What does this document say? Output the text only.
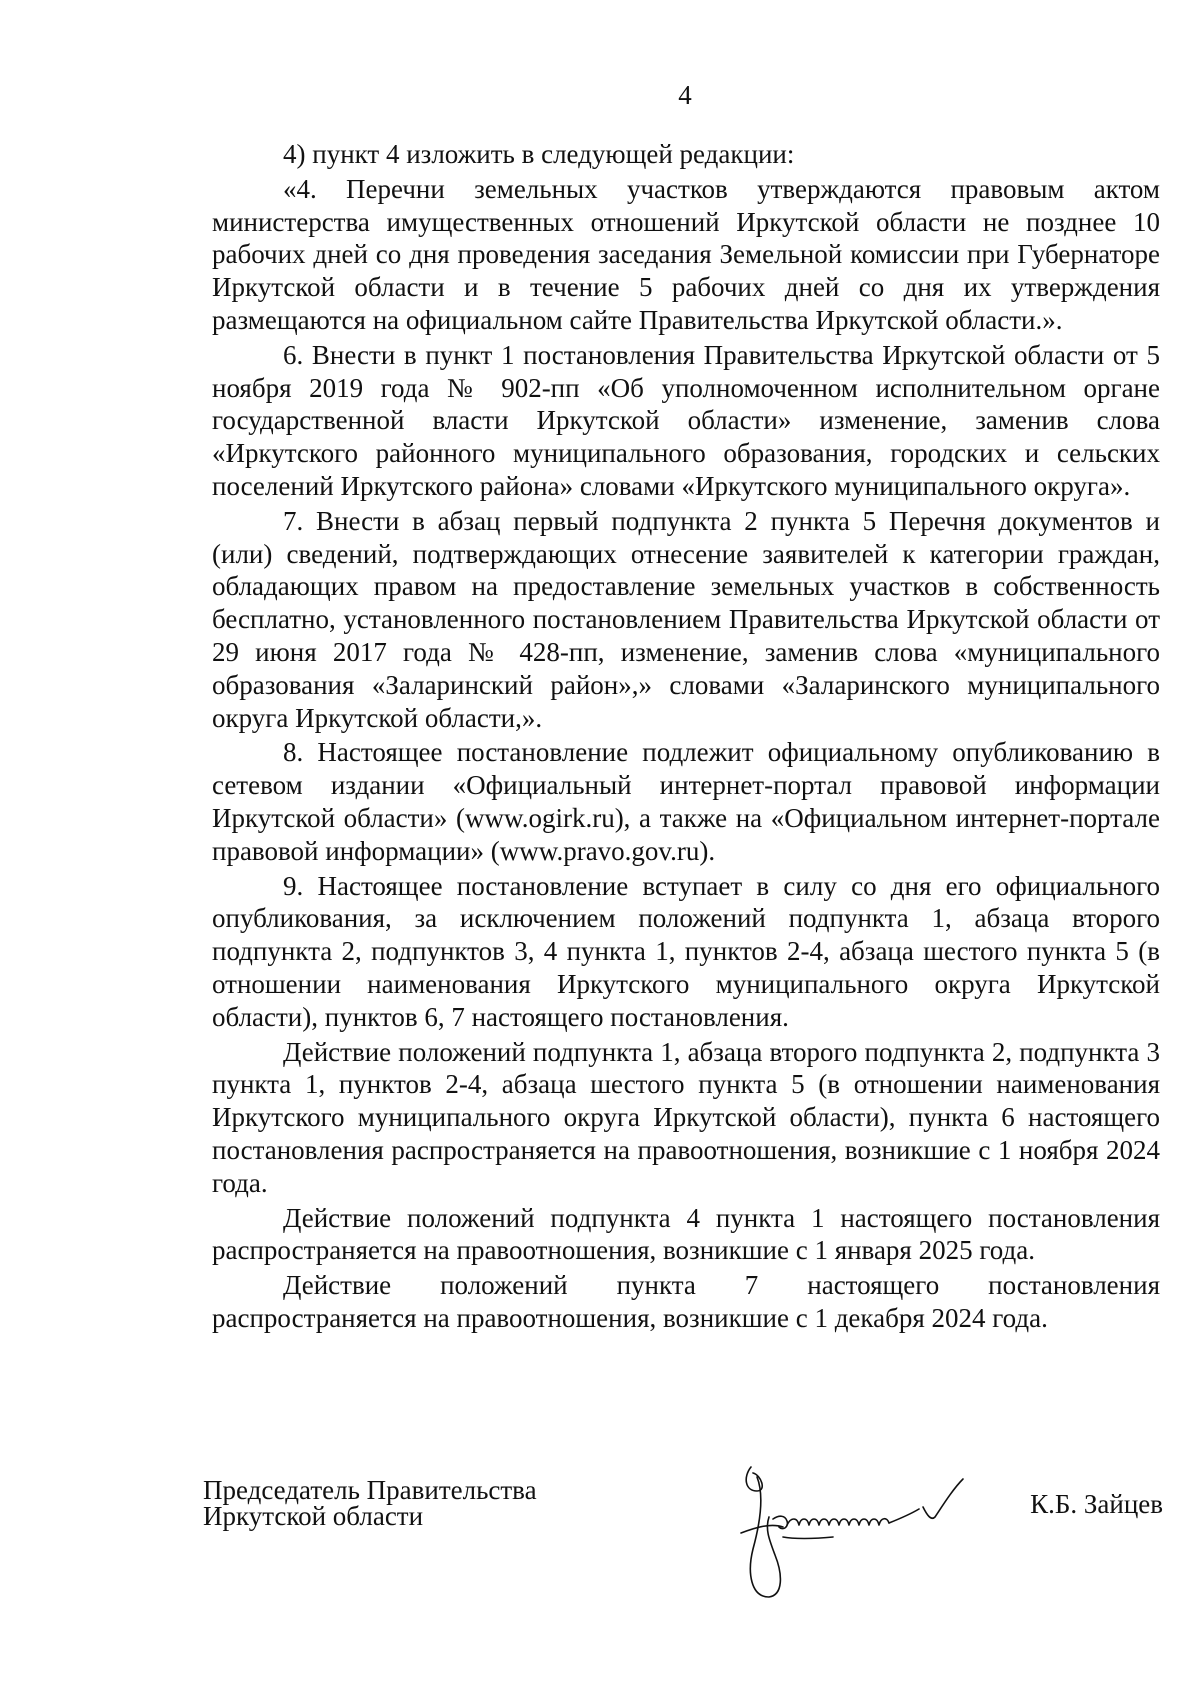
4

4) пункт 4 изложить в следующей редакции:

«4. Перечни земельных участков утверждаются правовым актом министерства имущественных отношений Иркутской области не позднее 10 рабочих дней со дня проведения заседания Земельной комиссии при Губернаторе Иркутской области и в течение 5 рабочих дней со дня их утверждения размещаются на официальном сайте Правительства Иркутской области.».

6. Внести в пункт 1 постановления Правительства Иркутской области от 5 ноября 2019 года № 902-пп «Об уполномоченном исполнительном органе государственной власти Иркутской области» изменение, заменив слова «Иркутского районного муниципального образования, городских и сельских поселений Иркутского района» словами «Иркутского муниципального округа».

7. Внести в абзац первый подпункта 2 пункта 5 Перечня документов и (или) сведений, подтверждающих отнесение заявителей к категории граждан, обладающих правом на предоставление земельных участков в собственность бесплатно, установленного постановлением Правительства Иркутской области от 29 июня 2017 года № 428-пп, изменение, заменив слова «муниципального образования «Заларинский район»,» словами «Заларинского муниципального округа Иркутской области,».

8. Настоящее постановление подлежит официальному опубликованию в сетевом издании «Официальный интернет-портал правовой информации Иркутской области» (www.ogirk.ru), а также на «Официальном интернет-портале правовой информации» (www.pravo.gov.ru).

9. Настоящее постановление вступает в силу со дня его официального опубликования, за исключением положений подпункта 1, абзаца второго подпункта 2, подпунктов 3, 4 пункта 1, пунктов 2-4, абзаца шестого пункта 5 (в отношении наименования Иркутского муниципального округа Иркутской области), пунктов 6, 7 настоящего постановления.

Действие положений подпункта 1, абзаца второго подпункта 2, подпункта 3 пункта 1, пунктов 2-4, абзаца шестого пункта 5 (в отношении наименования Иркутского муниципального округа Иркутской области), пункта 6 настоящего постановления распространяется на правоотношения, возникшие с 1 ноября 2024 года.

Действие положений подпункта 4 пункта 1 настоящего постановления распространяется на правоотношения, возникшие с 1 января 2025 года.

Действие положений пункта 7 настоящего постановления распространяется на правоотношения, возникшие с 1 декабря 2024 года.

Председатель Правительства
Иркутской области	К.Б. Зайцев
